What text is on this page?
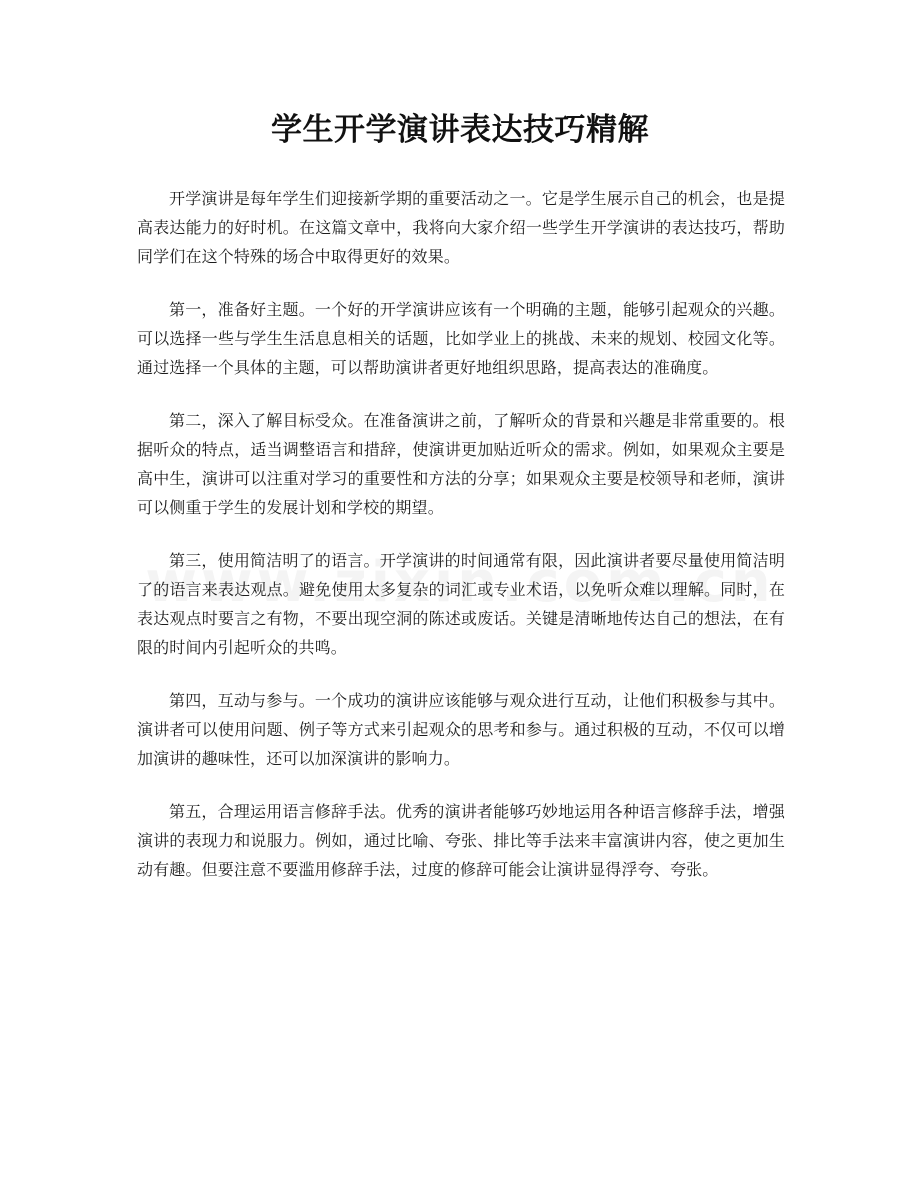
学生开学演讲表达技巧精解

开学演讲是每年学生们迎接新学期的重要活动之一。它是学生展示自己的机会，也是提高表达能力的好时机。在这篇文章中，我将向大家介绍一些学生开学演讲的表达技巧，帮助同学们在这个特殊的场合中取得更好的效果。

第一，准备好主题。一个好的开学演讲应该有一个明确的主题，能够引起观众的兴趣。可以选择一些与学生生活息息相关的话题，比如学业上的挑战、未来的规划、校园文化等。通过选择一个具体的主题，可以帮助演讲者更好地组织思路，提高表达的准确度。

第二，深入了解目标受众。在准备演讲之前，了解听众的背景和兴趣是非常重要的。根据听众的特点，适当调整语言和措辞，使演讲更加贴近听众的需求。例如，如果观众主要是高中生，演讲可以注重对学习的重要性和方法的分享；如果观众主要是校领导和老师，演讲可以侧重于学生的发展计划和学校的期望。

第三，使用简洁明了的语言。开学演讲的时间通常有限，因此演讲者要尽量使用简洁明了的语言来表达观点。避免使用太多复杂的词汇或专业术语，以免听众难以理解。同时，在表达观点时要言之有物，不要出现空洞的陈述或废话。关键是清晰地传达自己的想法，在有限的时间内引起听众的共鸣。

第四，互动与参与。一个成功的演讲应该能够与观众进行互动，让他们积极参与其中。演讲者可以使用问题、例子等方式来引起观众的思考和参与。通过积极的互动，不仅可以增加演讲的趣味性，还可以加深演讲的影响力。

第五，合理运用语言修辞手法。优秀的演讲者能够巧妙地运用各种语言修辞手法，增强演讲的表现力和说服力。例如，通过比喻、夸张、排比等手法来丰富演讲内容，使之更加生动有趣。但要注意不要滥用修辞手法，过度的修辞可能会让演讲显得浮夸、夸张。
